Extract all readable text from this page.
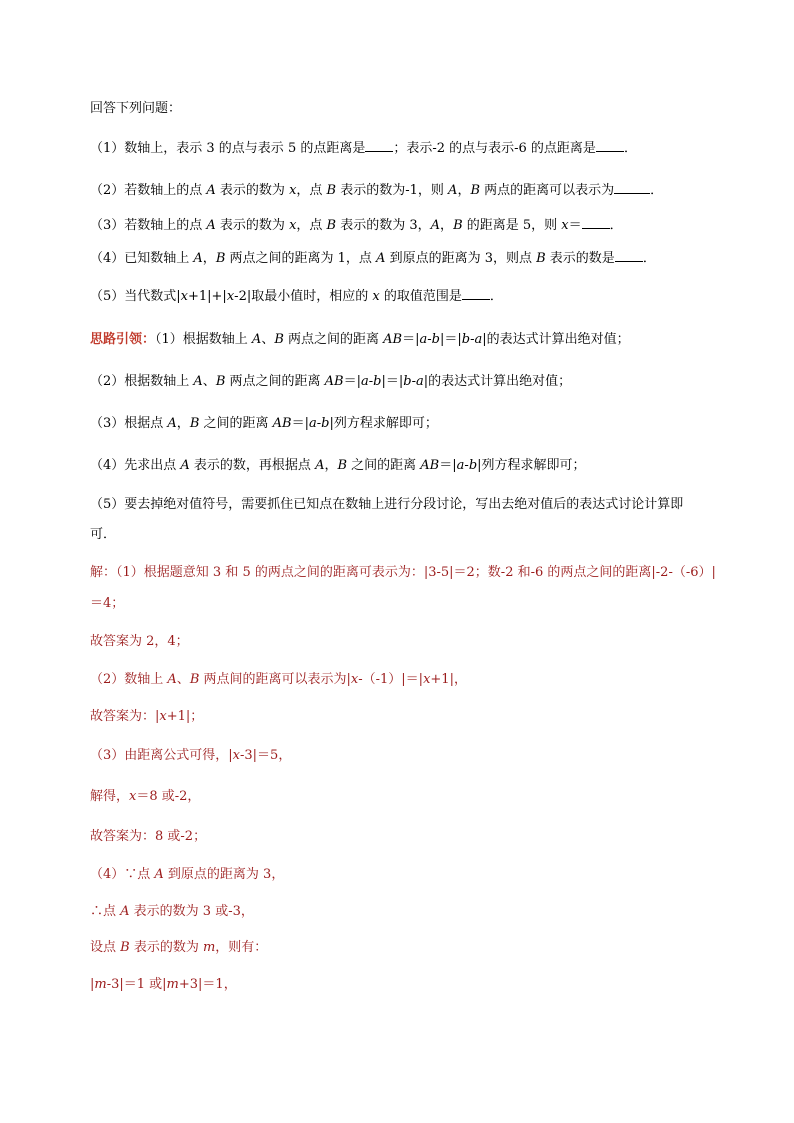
回答下列问题：
（1）数轴上，表示 3 的点与表示 5 的点距离是 ；表示-2 的点与表示-6 的点距离是 ．
（2）若数轴上的点 A 表示的数为 x，点 B 表示的数为-1，则 A，B 两点的距离可以表示为	．
（3）若数轴上的点 A 表示的数为 x，点 B 表示的数为 3，A，B 的距离是 5，则 x＝ ．
（4）已知数轴上 A，B 两点之间的距离为 1，点 A 到原点的距离为 3，则点 B 表示的数是 ．
（5）当代数式|x+1|+|x-2|取最小值时，相应的 x 的取值范围是 ．
思路引领：（1）根据数轴上 A、B 两点之间的距离 AB＝|a-b|＝|b-a|的表达式计算出绝对值；
（2）根据数轴上 A、B 两点之间的距离 AB＝|a-b|＝|b-a|的表达式计算出绝对值；
（3）根据点 A，B 之间的距离 AB＝|a-b|列方程求解即可；
（4）先求出点 A 表示的数，再根据点 A，B 之间的距离 AB＝|a-b|列方程求解即可；
（5）要去掉绝对值符号，需要抓住已知点在数轴上进行分段讨论，写出去绝对值后的表达式讨论计算即
可．
解：（1）根据题意知 3 和 5 的两点之间的距离可表示为：|3-5|＝2；数-2 和-6 的两点之间的距离|-2-（-6）|
＝4；
故答案为 2，4；
（2）数轴上 A、B 两点间的距离可以表示为|x-（-1）|＝|x+1|，
故答案为：|x+1|；
（3）由距离公式可得，|x-3|＝5，
解得，x＝8 或-2，
故答案为：8 或-2；
（4）∵点 A 到原点的距离为 3，
∴点 A 表示的数为 3 或-3，
设点 B 表示的数为 m，则有：
|m-3|＝1 或|m+3|＝1，
